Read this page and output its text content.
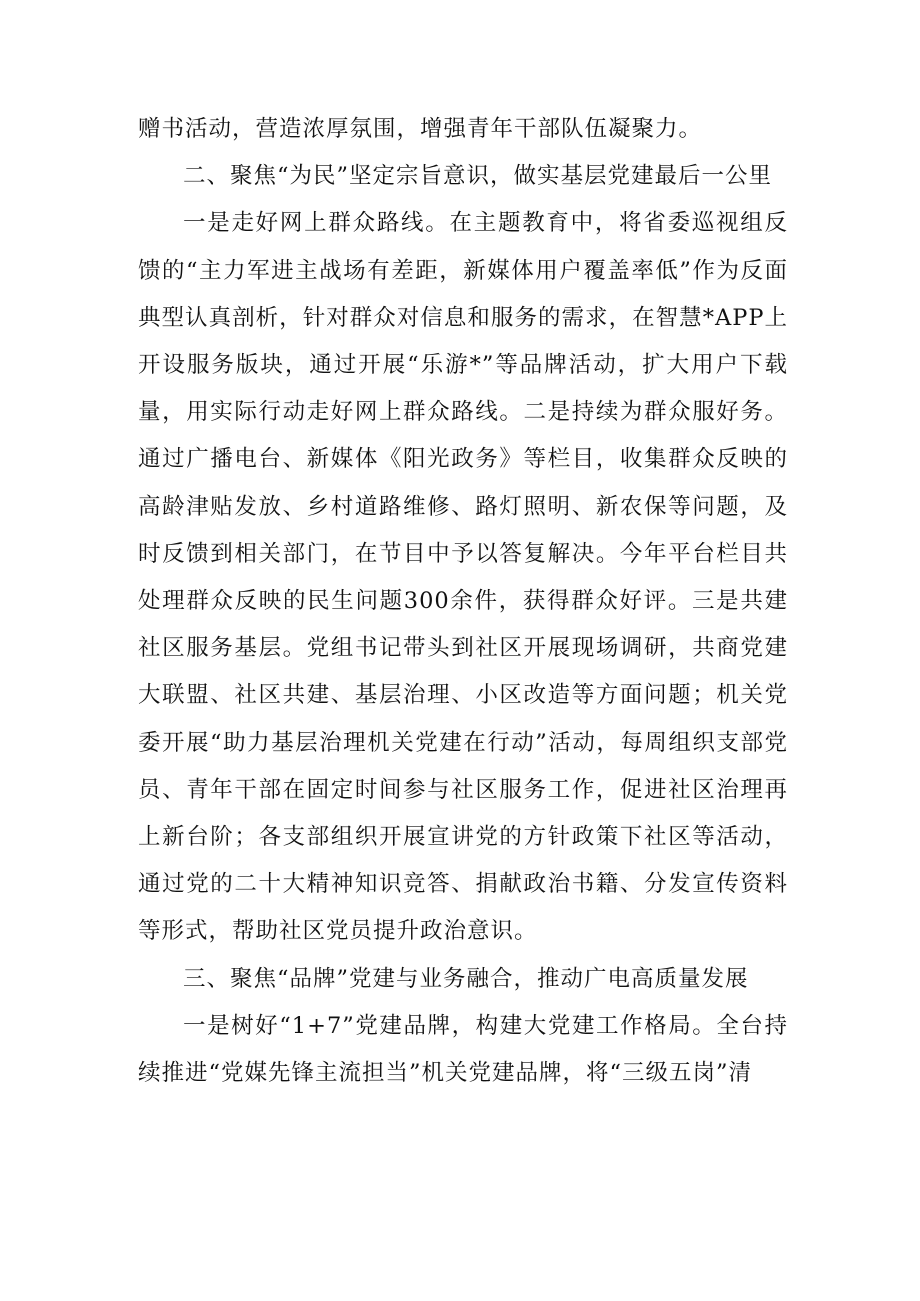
赠书活动，营造浓厚氛围，增强青年干部队伍凝聚力。

二、聚焦“为民”坚定宗旨意识，做实基层党建最后一公里

一是走好网上群众路线。在主题教育中，将省委巡视组反馈的“主力军进主战场有差距，新媒体用户覆盖率低”作为反面典型认真剖析，针对群众对信息和服务的需求，在智慧*APP上开设服务版块，通过开展“乐游*”等品牌活动，扩大用户下载量，用实际行动走好网上群众路线。二是持续为群众服好务。通过广播电台、新媒体《阳光政务》等栏目，收集群众反映的高龄津贴发放、乡村道路维修、路灯照明、新农保等问题，及时反馈到相关部门，在节目中予以答复解决。今年平台栏目共处理群众反映的民生问题300余件，获得群众好评。三是共建社区服务基层。党组书记带头到社区开展现场调研，共商党建大联盟、社区共建、基层治理、小区改造等方面问题；机关党委开展“助力基层治理机关党建在行动”活动，每周组织支部党员、青年干部在固定时间参与社区服务工作，促进社区治理再上新台阶；各支部组织开展宣讲党的方针政策下社区等活动，通过党的二十大精神知识竞答、捐献政治书籍、分发宣传资料等形式，帮助社区党员提升政治意识。

三、聚焦“品牌”党建与业务融合，推动广电高质量发展

一是树好“1+7”党建品牌，构建大党建工作格局。全台持续推进“党媒先锋主流担当”机关党建品牌，将“三级五岗”清
